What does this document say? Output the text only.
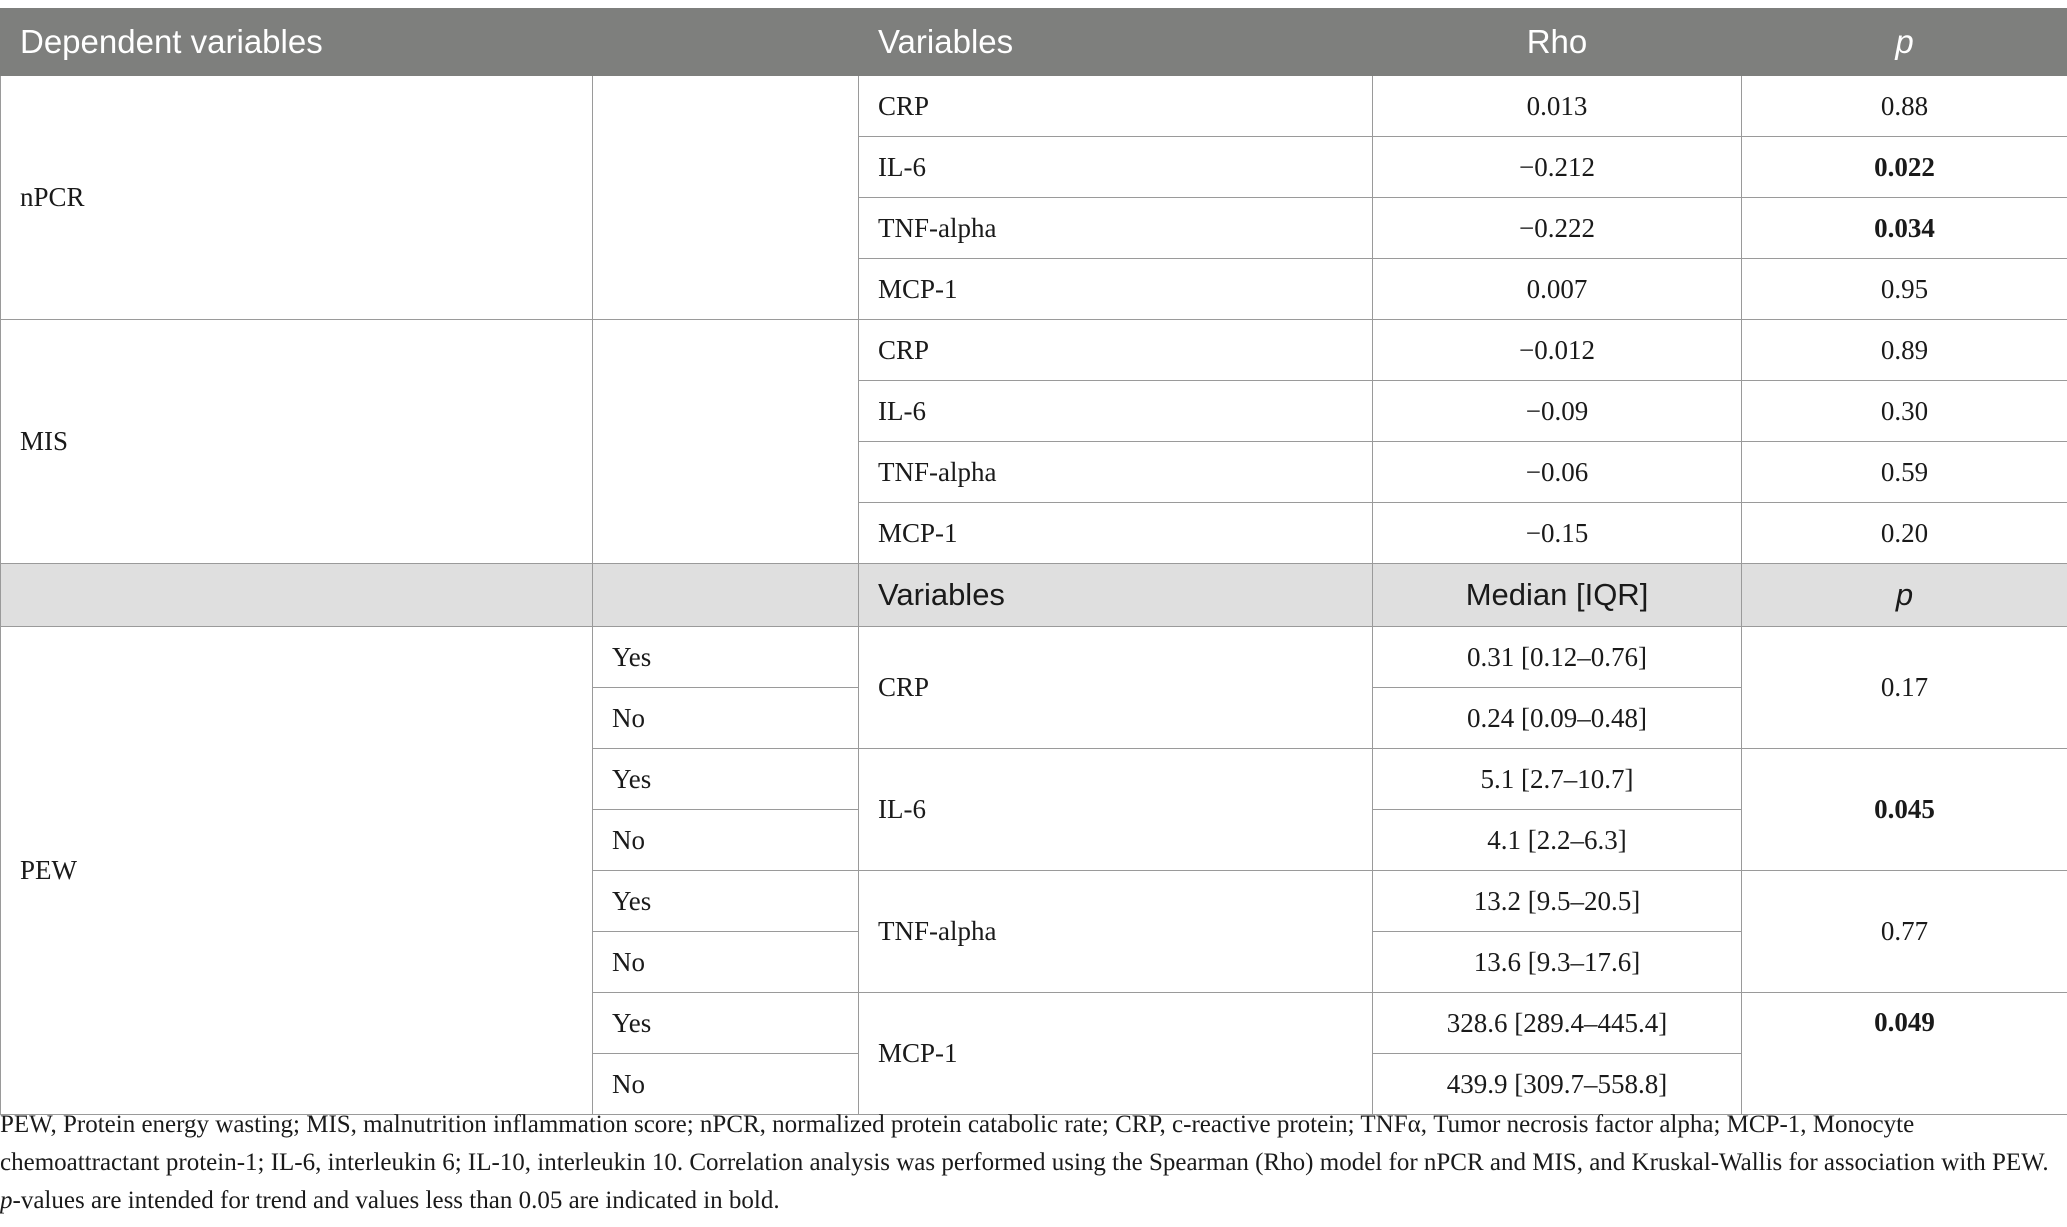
Dependent variables		Variables	Rho	p
nPCR		CRP	0.013	0.88
		IL-6	−0.212	0.022
		TNF-alpha	−0.222	0.034
		MCP-1	0.007	0.95
MIS		CRP	−0.012	0.89
		IL-6	−0.09	0.30
		TNF-alpha	−0.06	0.59
		MCP-1	−0.15	0.20
		Variables	Median [IQR]	p
PEW	Yes	CRP	0.31 [0.12–0.76]	0.17
	No		0.24 [0.09–0.48]	
	Yes	IL-6	5.1 [2.7–10.7]	0.045
	No		4.1 [2.2–6.3]	
	Yes	TNF-alpha	13.2 [9.5–20.5]	0.77
	No		13.6 [9.3–17.6]	
	Yes	MCP-1	328.6 [289.4–445.4]	0.049
	No		439.9 [309.7–558.8]	

PEW, Protein energy wasting; MIS, malnutrition inflammation score; nPCR, normalized protein catabolic rate; CRP, c-reactive protein; TNFα, Tumor necrosis factor alpha; MCP-1, Monocyte chemoattractant protein-1; IL-6, interleukin 6; IL-10, interleukin 10. Correlation analysis was performed using the Spearman (Rho) model for nPCR and MIS, and Kruskal-Wallis for association with PEW. p-values are intended for trend and values less than 0.05 are indicated in bold.
